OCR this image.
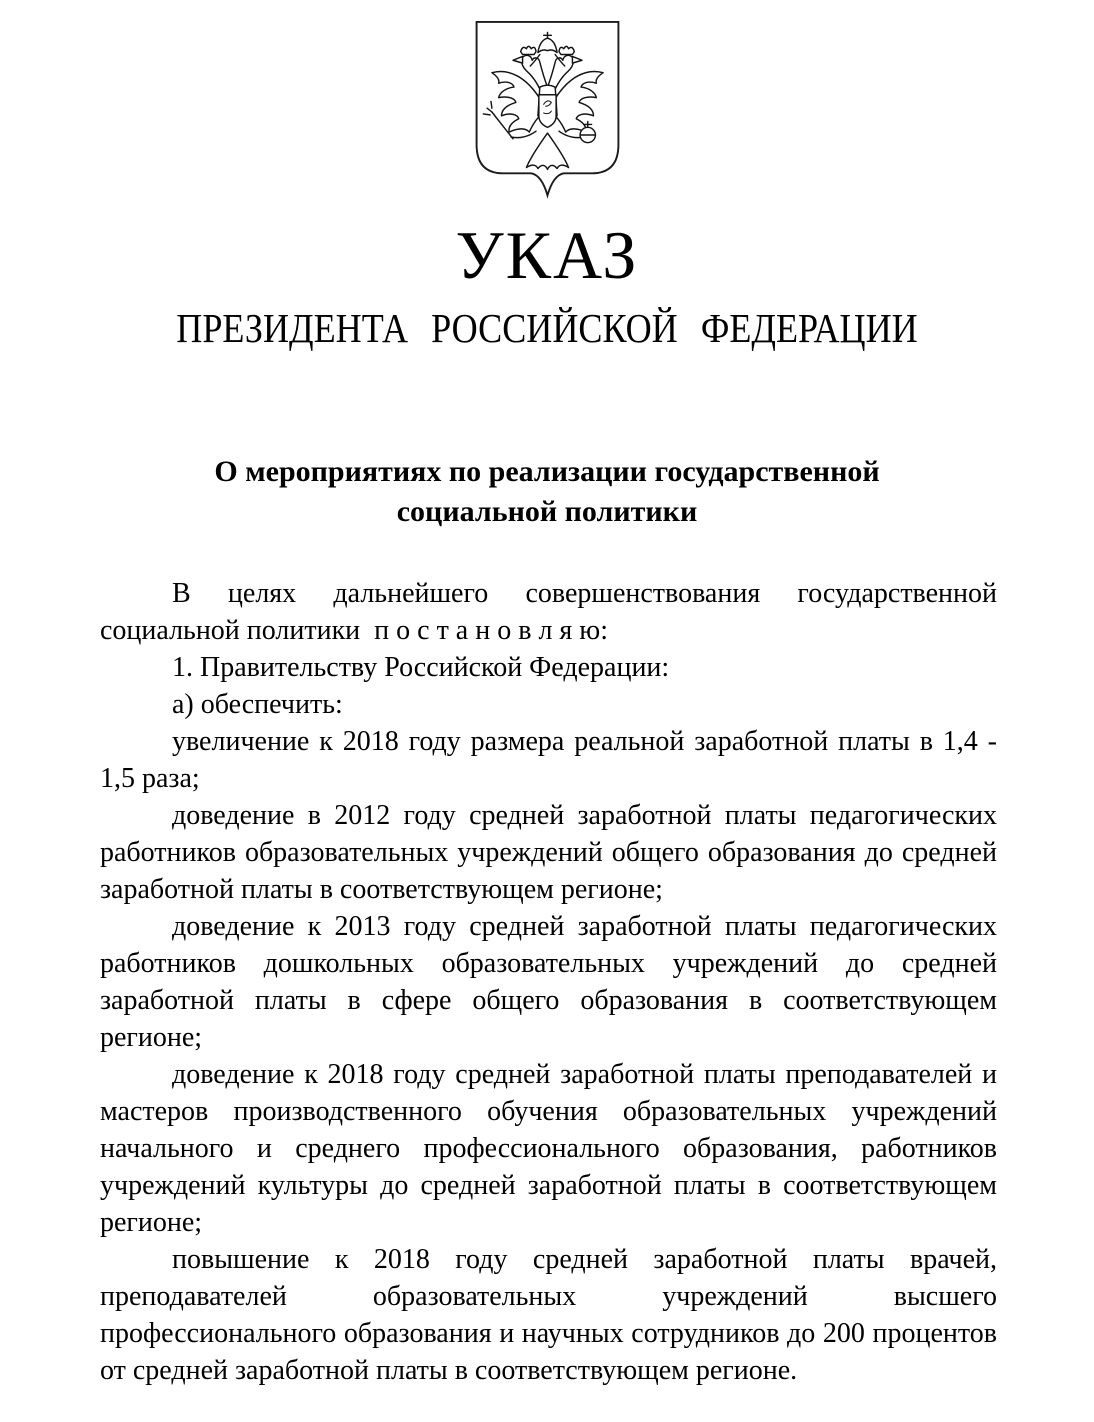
УКАЗ
ПРЕЗИДЕНТА РОССИЙСКОЙ ФЕДЕРАЦИИ
О мероприятиях по реализации государственной
социальной политики

В целях дальнейшего совершенствования государственной социальной политики  п о с т а н о в л я ю:

1. Правительству Российской Федерации:

а) обеспечить:

увеличение к 2018 году размера реальной заработной платы в 1,4 - 1,5 раза;

доведение в 2012 году средней заработной платы педагогических работников образовательных учреждений общего образования до средней заработной платы в соответствующем регионе;

доведение к 2013 году средней заработной платы педагогических работников дошкольных образовательных учреждений до средней заработной платы в сфере общего образования в соответствующем регионе;

доведение к 2018 году средней заработной платы преподавателей и мастеров производственного обучения образовательных учреждений начального и среднего профессионального образования, работников учреждений культуры до средней заработной платы в соответствующем регионе;

повышение к 2018 году средней заработной платы врачей, преподавателей образовательных учреждений высшего профессионального образования и научных сотрудников до 200 процентов от средней заработной платы в соответствующем регионе.
